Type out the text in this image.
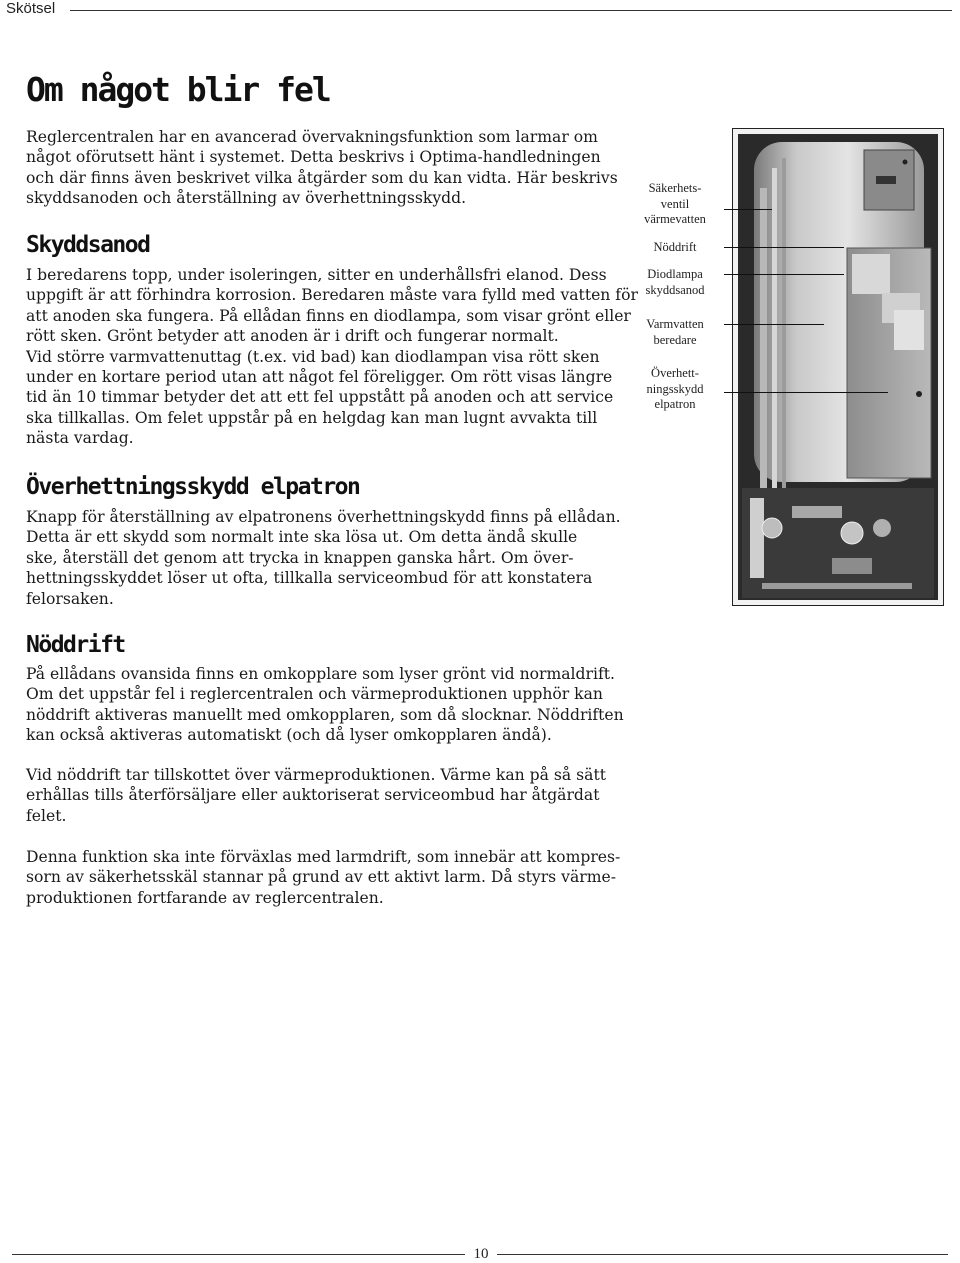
Skötsel
Om något blir fel

Reglercentralen har en avancerad övervakningsfunktion som larmar om
något oförutsett hänt i systemet. Detta beskrivs i Optima-handledningen
och där finns även beskrivet vilka åtgärder som du kan vidta. Här beskrivs
skyddsanoden och återställning av överhettningsskydd.

Skyddsanod

I beredarens topp, under isoleringen, sitter en underhållsfri elanod. Dess
uppgift är att förhindra korrosion. Beredaren måste vara fylld med vatten för
att anoden ska fungera. På ellådan finns en diodlampa, som visar grönt eller
rött sken. Grönt betyder att anoden är i drift och fungerar normalt.
Vid större varmvattenuttag (t.ex. vid bad) kan diodlampan visa rött sken
under en kortare period utan att något fel föreligger. Om rött visas längre
tid än 10 timmar betyder det att ett fel uppstått på anoden och att service
ska tillkallas. Om felet uppstår på en helgdag kan man lugnt avvakta till
nästa vardag.

Överhettningsskydd elpatron

Knapp för återställning av elpatronens överhettningskydd finns på ellådan.
Detta är ett skydd som normalt inte ska lösa ut. Om detta ändå skulle
ske, återställ det genom att trycka in knappen ganska hårt. Om över-
hettningsskyddet löser ut ofta, tillkalla serviceombud för att konstatera
felorsaken.

Nöddrift

På ellådans ovansida finns en omkopplare som lyser grönt vid normaldrift.
Om det uppstår fel i reglercentralen och värmeproduktionen upphör kan
nöddrift aktiveras manuellt med omkopplaren, som då slocknar. Nöddriften
kan också aktiveras automatiskt (och då lyser omkopplaren ändå).

Vid nöddrift tar tillskottet över värmeproduktionen. Värme kan på så sätt
erhållas tills återförsäljare eller auktoriserat serviceombud har åtgärdat
felet.

Denna funktion ska inte förväxlas med larmdrift, som innebär att kompres-
sorn av säkerhetsskäl stannar på grund av ett aktivt larm. Då styrs värme-
produktionen fortfarande av reglercentralen.

Säkerhets-
ventil
värmevatten
Nöddrift
Diodlampa
skyddsanod
Varmvatten
beredare
Överhett-
ningsskydd
elpatron
10
